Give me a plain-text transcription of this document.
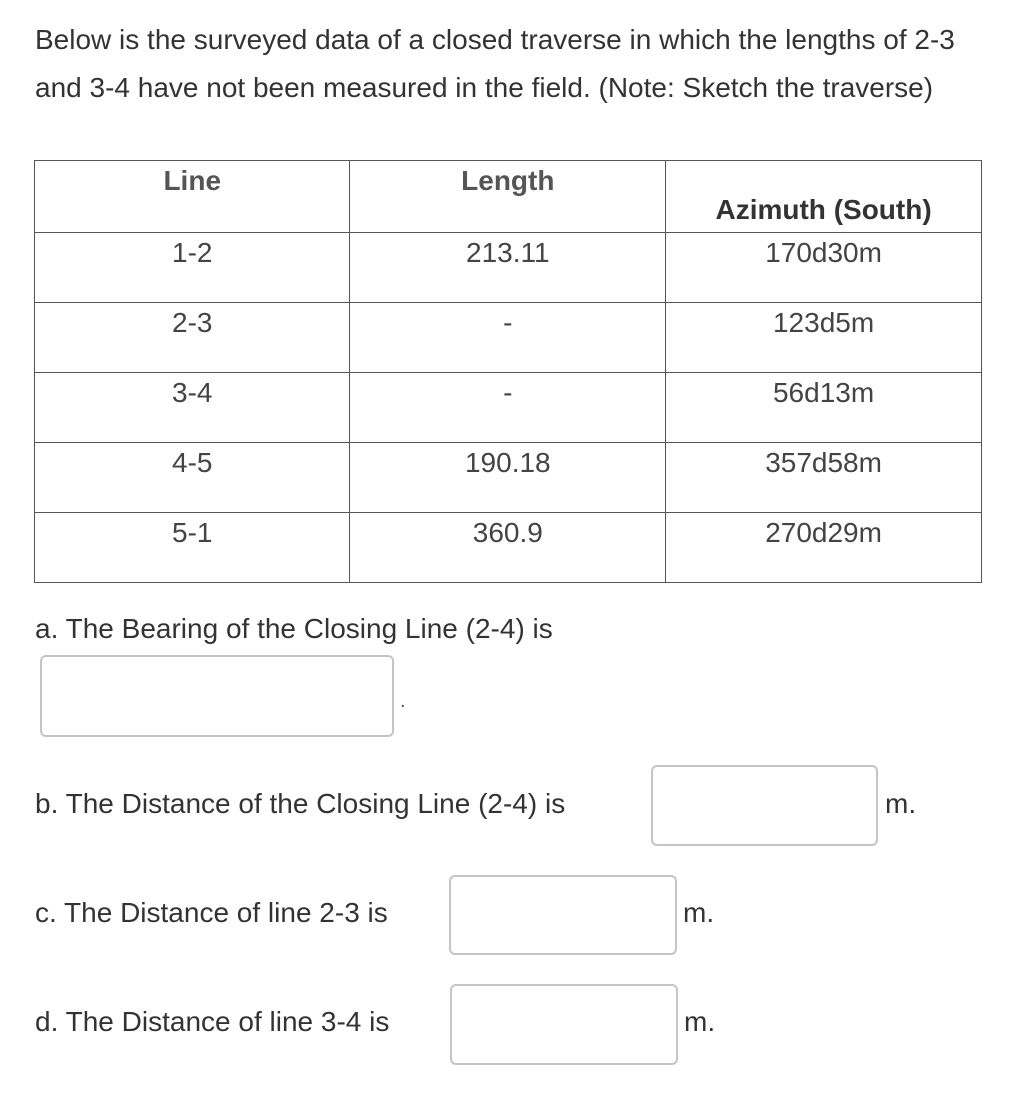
Below is the surveyed data of a closed traverse in which the lengths of 2-3 and 3-4 have not been measured in the field. (Note: Sketch the traverse)
Line	Length	Azimuth (South)
1-2	213.11	170d30m
2-3	-	123d5m
3-4	-	56d13m
4-5	190.18	357d58m
5-1	360.9	270d29m
a. The Bearing of the Closing Line (2-4) is
.
b. The Distance of the Closing Line (2-4) is	m.
c. The Distance of line 2-3 is	m.
d. The Distance of line 3-4 is	m.
